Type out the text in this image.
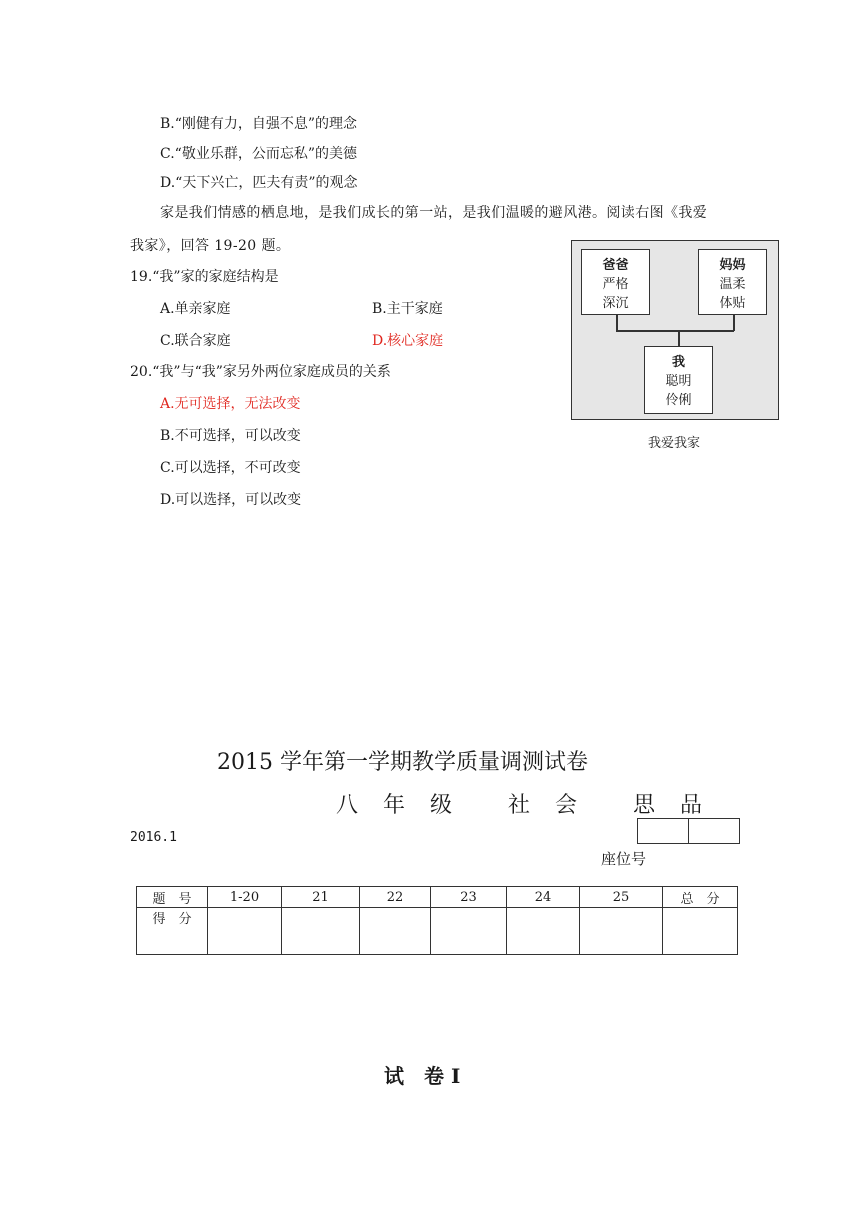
B.“刚健有力，自强不息”的理念
C.“敬业乐群，公而忘私”的美德
D.“天下兴亡，匹夫有责”的观念
家是我们情感的栖息地，是我们成长的第一站，是我们温暖的避风港。阅读右图《我爱
我家》，回答 19-20 题。
19.“我”家的家庭结构是
A.单亲家庭	B.主干家庭
C.联合家庭	D.核心家庭
20.“我”与“我”家另外两位家庭成员的关系
A.无可选择，无法改变
B.不可选择，可以改变
C.可以选择，不可改变
D.可以选择，可以改变
爸爸
严格
深沉
妈妈
温柔
体贴
我
聪明
伶俐
我爱我家
2015 学年第一学期教学质量调测试卷
八 年 级　 社 会　 思 品
2016.1

座位号
题　号	1-20	21	22	23	24	25	总　分
得　分							
试　卷 Ⅰ
